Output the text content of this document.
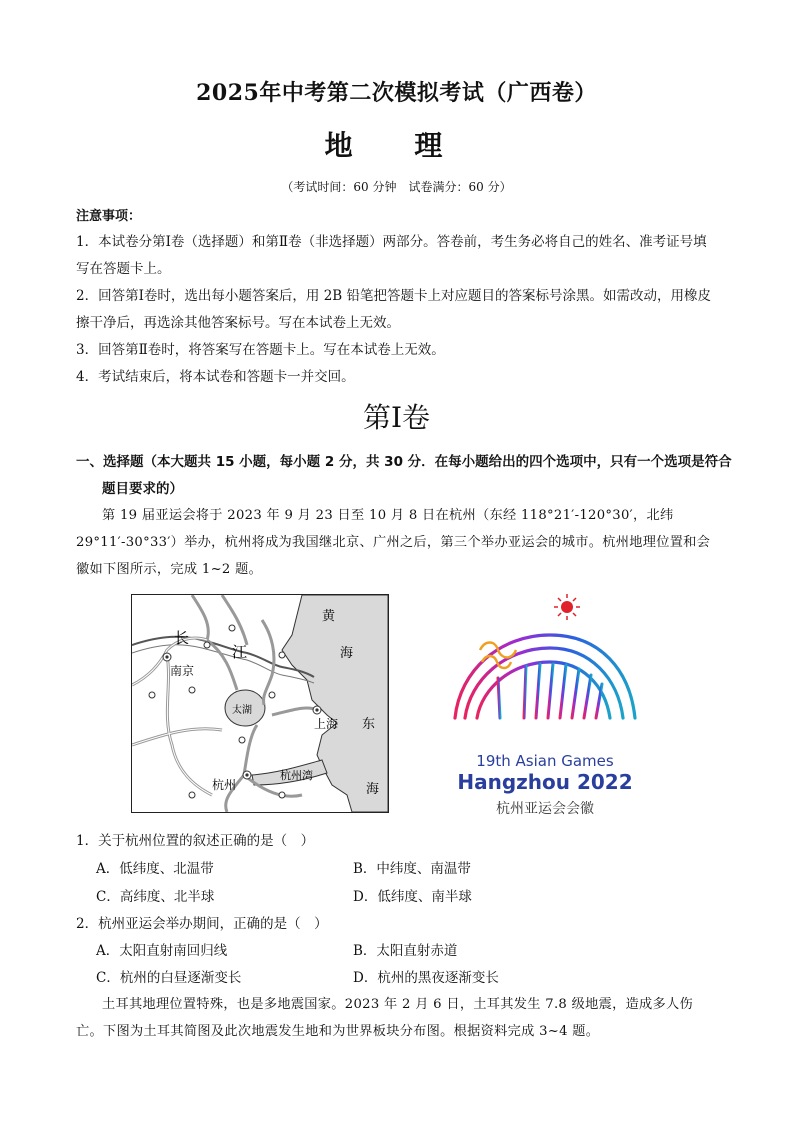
2025年中考第二次模拟考试（广西卷）
地 理
（考试时间：60 分钟　试卷满分：60 分）
注意事项：
1．本试卷分第Ⅰ卷（选择题）和第Ⅱ卷（非选择题）两部分。答卷前，考生务必将自己的姓名、准考证号填写在答题卡上。
2．回答第Ⅰ卷时，选出每小题答案后，用 2B 铅笔把答题卡上对应题目的答案标号涂黑。如需改动，用橡皮擦干净后，再选涂其他答案标号。写在本试卷上无效。
3．回答第Ⅱ卷时，将答案写在答题卡上。写在本试卷上无效。
4．考试结束后，将本试卷和答题卡一并交回。
第Ⅰ卷
一、选择题（本大题共 15 小题，每小题 2 分，共 30 分．在每小题给出的四个选项中，只有一个选项是符合题目要求的）
第 19 届亚运会将于 2023 年 9 月 23 日至 10 月 8 日在杭州（东经 118°21′-120°30′，北纬 29°11′-30°33′）举办，杭州将成为我国继北京、广州之后，第三个举办亚运会的城市。杭州地理位置和会徽如下图所示，完成 1~2 题。
黄
海
长
江
南京
太湖
上海 东
海
杭州
杭州湾
19th Asian Games
Hangzhou 2022
杭州亚运会会徽
1．关于杭州位置的叙述正确的是（　）
A．低纬度、北温带	B．中纬度、南温带
C．高纬度、北半球	D．低纬度、南半球
2．杭州亚运会举办期间，正确的是（　）
A．太阳直射南回归线	B．太阳直射赤道
C．杭州的白昼逐渐变长	D．杭州的黑夜逐渐变长
土耳其地理位置特殊，也是多地震国家。2023 年 2 月 6 日，土耳其发生 7.8 级地震，造成多人伤亡。下图为土耳其简图及此次地震发生地和为世界板块分布图。根据资料完成 3~4 题。
